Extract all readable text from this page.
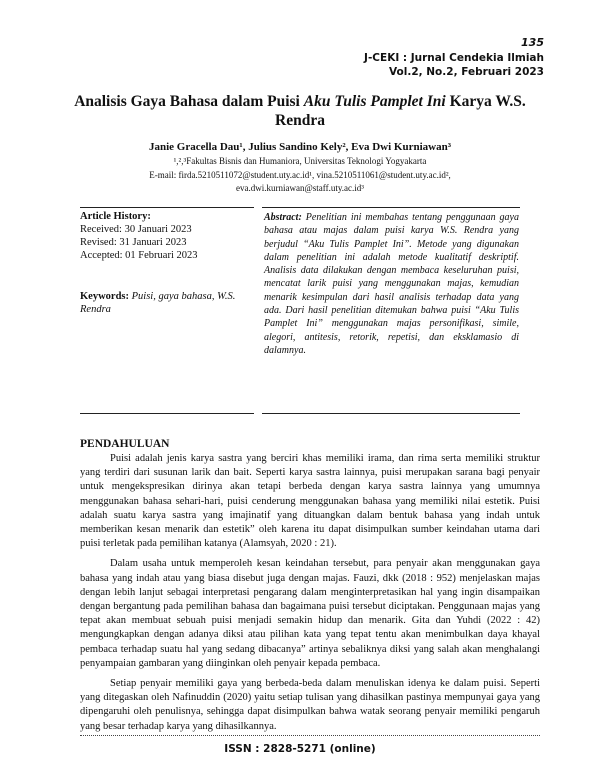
135
J-CEKI : Jurnal Cendekia Ilmiah
Vol.2, No.2, Februari 2023
Analisis Gaya Bahasa dalam Puisi Aku Tulis Pamplet Ini Karya W.S. Rendra
Janie Gracella Dau¹, Julius Sandino Kely², Eva Dwi Kurniawan³
¹,²,³Fakultas Bisnis dan Humaniora, Universitas Teknologi Yogyakarta
E-mail: firda.5210511072@student.uty.ac.id¹, vina.5210511061@student.uty.ac.id²,
eva.dwi.kurniawan@staff.uty.ac.id³
Article History:
Received: 30 Januari 2023
Revised: 31 Januari 2023
Accepted: 01 Februari 2023
Keywords: Puisi, gaya bahasa, W.S. Rendra
Abstract: Penelitian ini membahas tentang penggunaan gaya bahasa atau majas dalam puisi karya W.S. Rendra yang berjudul “Aku Tulis Pamplet Ini”. Metode yang digunakan dalam penelitian ini adalah metode kualitatif deskriptif. Analisis data dilakukan dengan membaca keseluruhan puisi, mencatat larik puisi yang menggunakan majas, kemudian menarik kesimpulan dari hasil analisis terhadap data yang ada. Dari hasil penelitian ditemukan bahwa puisi “Aku Tulis Pamplet Ini” menggunakan majas personifikasi, simile, alegori, antitesis, retorik, repetisi, dan eksklamasio di dalamnya.
PENDAHULUAN

Puisi adalah jenis karya sastra yang berciri khas memiliki irama, dan rima serta memiliki struktur yang terdiri dari susunan larik dan bait. Seperti karya sastra lainnya, puisi merupakan sarana bagi penyair untuk mengekspresikan dirinya akan tetapi berbeda dengan karya sastra lainnya yang umumnya menggunakan bahasa sehari-hari, puisi cenderung menggunakan bahasa yang memiliki nilai estetik. Puisi adalah suatu karya sastra yang imajinatif yang dituangkan dalam bentuk bahasa yang indah untuk memberikan kesan menarik dan estetik” oleh karena itu dapat disimpulkan sumber keindahan utama dari puisi terletak pada pemilihan katanya (Alamsyah, 2020 : 21).

Dalam usaha untuk memperoleh kesan keindahan tersebut, para penyair akan menggunakan gaya bahasa yang indah atau yang biasa disebut juga dengan majas. Fauzi, dkk (2018 : 952) menjelaskan majas dengan lebih lanjut sebagai interpretasi pengarang dalam menginterpretasikan hal yang ingin disampaikan dengan bergantung pada pemilihan bahasa dan bagaimana puisi tersebut diciptakan. Penggunaan majas yang tepat akan membuat sebuah puisi menjadi semakin hidup dan menarik. Gita dan Yuhdi (2022 : 42) mengungkapkan dengan adanya diksi atau pilihan kata yang tepat tentu akan menimbulkan daya khayal pembaca terhadap suatu hal yang sedang dibacanya” artinya sebaliknya diksi yang salah akan menghalangi penyampaian gambaran yang diinginkan oleh penyair kepada pembaca.

Setiap penyair memiliki gaya yang berbeda-beda dalam menuliskan idenya ke dalam puisi. Seperti yang ditegaskan oleh Nafinuddin (2020) yaitu setiap tulisan yang dihasilkan pastinya mempunyai gaya yang dipengaruhi oleh penulisnya, sehingga dapat disimpulkan bahwa watak seorang penyair memiliki pengaruh yang besar terhadap karya yang dihasilkannya.

ISSN : 2828-5271 (online)
